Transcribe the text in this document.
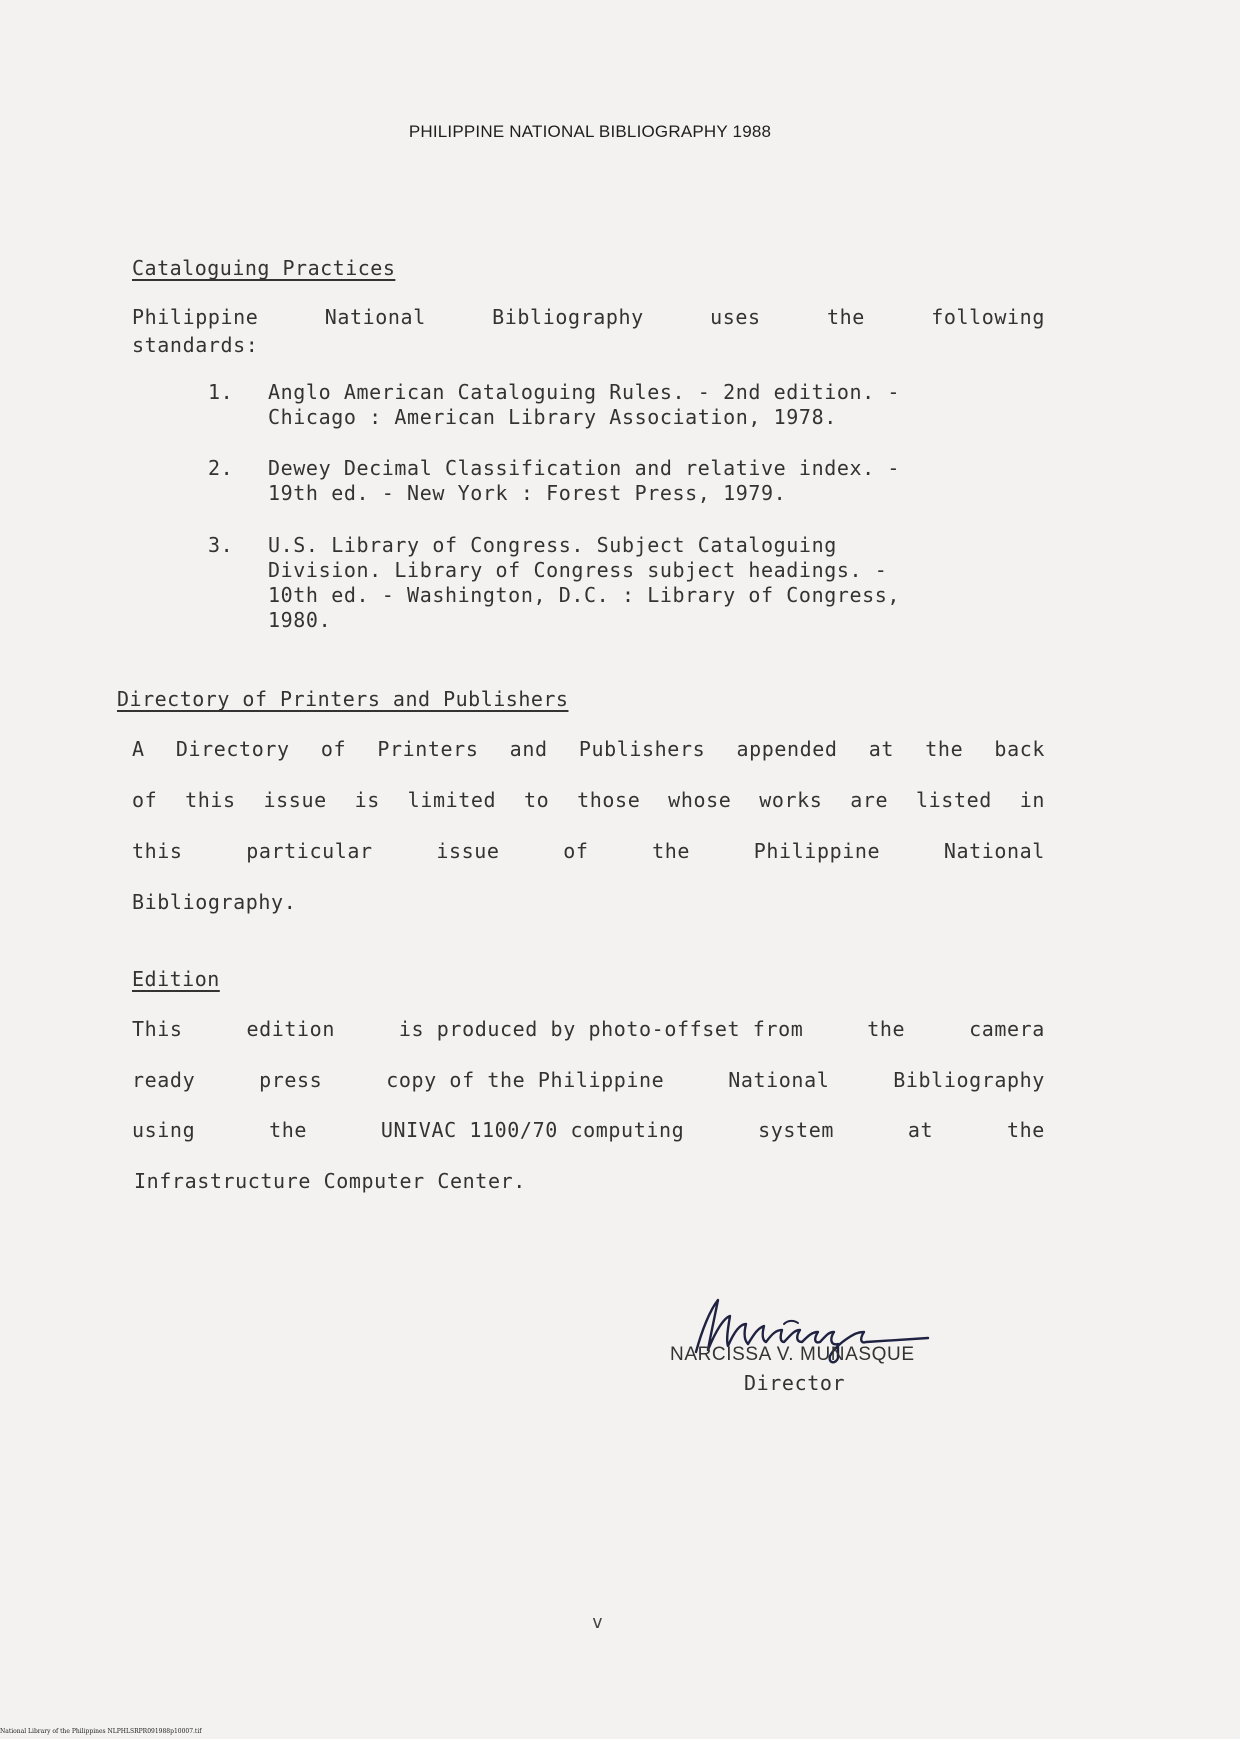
PHILIPPINE NATIONAL BIBLIOGRAPHY 1988
Cataloguing Practices
Philippine	National	Bibliography	uses	the	following
standards:
1.	Anglo American Cataloguing Rules. - 2nd edition. -
Chicago : American Library Association, 1978.
2.	Dewey Decimal Classification and relative index. -
19th ed. - New York : Forest Press, 1979.
3.	U.S. Library of Congress. Subject Cataloguing
Division. Library of Congress subject headings. -
10th ed. - Washington, D.C. : Library of Congress,
1980.
Directory of Printers and Publishers
A Directory of Printers and Publishers appended at the back
of this issue is limited to those whose works are listed in
this	particular	issue	of	the	Philippine	National
Bibliography.
Edition
This	edition	is produced by photo-offset from	the	camera
ready	press	copy of the Philippine	National	Bibliography
using	the	UNIVAC 1100/70 computing	system	at	the
Infrastructure Computer Center.
NARCISSA V. MUNASQUE
Director
v
National Library of the Philippines NLPHLSRPR091988p10007.tif
